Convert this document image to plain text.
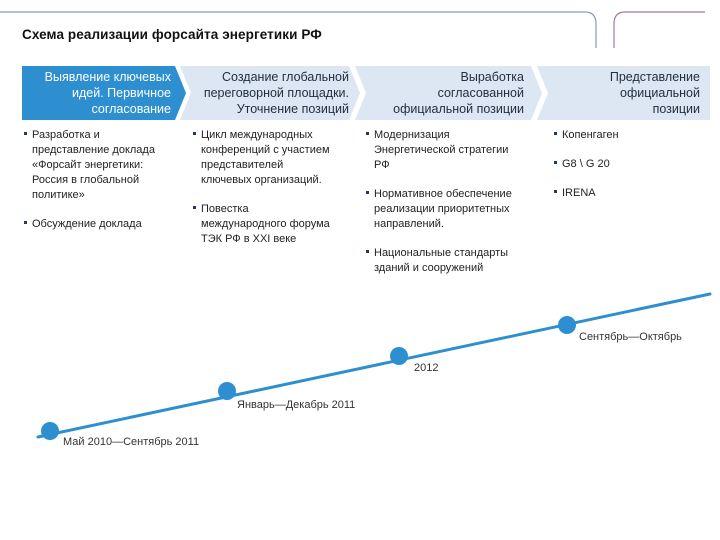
Схема реализации форсайта энергетики РФ
Выявление ключевых
идей. Первичное
согласование
Создание глобальной
переговорной площадки.
Уточнение позиций
Выработка
согласованной
официальной позиции
Представление
официальной
позиции
Разработка и
представление доклада
«Форсайт энергетики:
Россия в глобальной
политике»
Обсуждение доклада
Цикл международных
конференций с участием
представителей
ключевых организаций.
Повестка
международного форума
ТЭК РФ в XXI веке
Модернизация
Энергетической стратегии
РФ
Нормативное обеспечение
реализации приоритетных
направлений.
Национальные стандарты
зданий и сооружений
Копенгаген
G8 \ G 20
IRENA
Май 2010—Сентябрь 2011
Январь—Декабрь 2011
2012
Сентябрь—Октябрь
